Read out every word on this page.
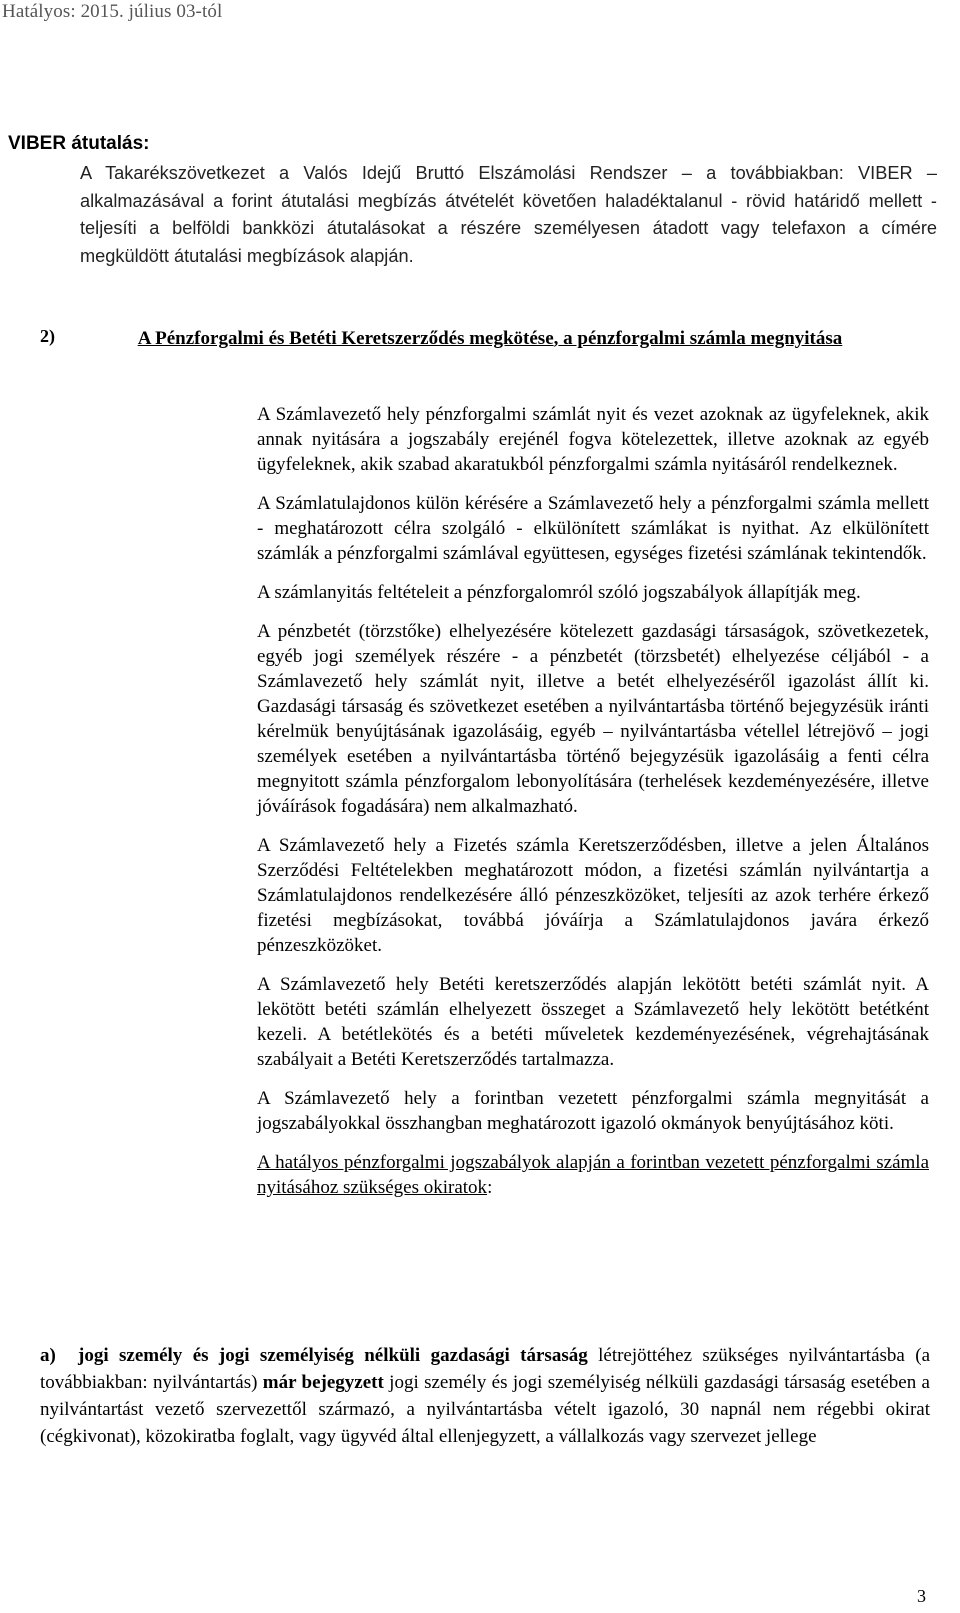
Hatályos: 2015. július 03-tól
VIBER átutalás:

A Takarékszövetkezet a Valós Idejű Bruttó Elszámolási Rendszer – a továbbiakban: VIBER – alkalmazásával a forint átutalási megbízás átvételét követően haladéktalanul - rövid határidő mellett - teljesíti a belföldi bankközi átutalásokat a részére személyesen átadott vagy telefaxon a címére megküldött átutalási megbízások alapján.

2)	A Pénzforgalmi és Betéti Keretszerződés megkötése, a pénzforgalmi számla megnyitása

A Számlavezető hely pénzforgalmi számlát nyit és vezet azoknak az ügyfeleknek, akik annak nyitására a jogszabály erejénél fogva kötelezettek, illetve azoknak az egyéb ügyfeleknek, akik szabad akaratukból pénzforgalmi számla nyitásáról rendelkeznek.

A Számlatulajdonos külön kérésére a Számlavezető hely a pénzforgalmi számla mellett - meghatározott célra szolgáló - elkülönített számlákat is nyithat. Az elkülönített számlák a pénzforgalmi számlával együttesen, egységes fizetési számlának tekintendők.

A számlanyitás feltételeit a pénzforgalomról szóló jogszabályok állapítják meg.

A pénzbetét (törzstőke) elhelyezésére kötelezett gazdasági társaságok, szövetkezetek, egyéb jogi személyek részére - a pénzbetét (törzsbetét) elhelyezése céljából - a Számlavezető hely számlát nyit, illetve a betét elhelyezéséről igazolást állít ki. Gazdasági társaság és szövetkezet esetében a nyilvántartásba történő bejegyzésük iránti kérelmük benyújtásának igazolásáig, egyéb – nyilvántartásba vétellel létrejövő – jogi személyek esetében a nyilvántartásba történő bejegyzésük igazolásáig a fenti célra megnyitott számla pénzforgalom lebonyolítására (terhelések kezdeményezésére, illetve jóváírások fogadására) nem alkalmazható.

A Számlavezető hely a Fizetés számla Keretszerződésben, illetve a jelen Általános Szerződési Feltételekben meghatározott módon, a fizetési számlán nyilvántartja a Számlatulajdonos rendelkezésére álló pénzeszközöket, teljesíti az azok terhére érkező fizetési megbízásokat, továbbá jóváírja a Számlatulajdonos javára érkező pénzeszközöket.

A Számlavezető hely Betéti keretszerződés alapján lekötött betéti számlát nyit. A lekötött betéti számlán elhelyezett összeget a Számlavezető hely lekötött betétként kezeli. A betétlekötés és a betéti műveletek kezdeményezésének, végrehajtásának szabályait a Betéti Keretszerződés tartalmazza.

A Számlavezető hely a forintban vezetett pénzforgalmi számla megnyitását a jogszabályokkal összhangban meghatározott igazoló okmányok benyújtásához köti.

A hatályos pénzforgalmi jogszabályok alapján a forintban vezetett pénzforgalmi számla nyitásához szükséges okiratok:

a)	jogi személy és jogi személyiség nélküli gazdasági társaság létrejöttéhez szükséges nyilvántartásba (a továbbiakban: nyilvántartás) már bejegyzett jogi személy és jogi személyiség nélküli gazdasági társaság esetében a nyilvántartást vezető szervezettől származó, a nyilvántartásba vételt igazoló, 30 napnál nem régebbi okirat (cégkivonat), közokiratba foglalt, vagy ügyvéd által ellenjegyzett, a vállalkozás vagy szervezet jellege
3
